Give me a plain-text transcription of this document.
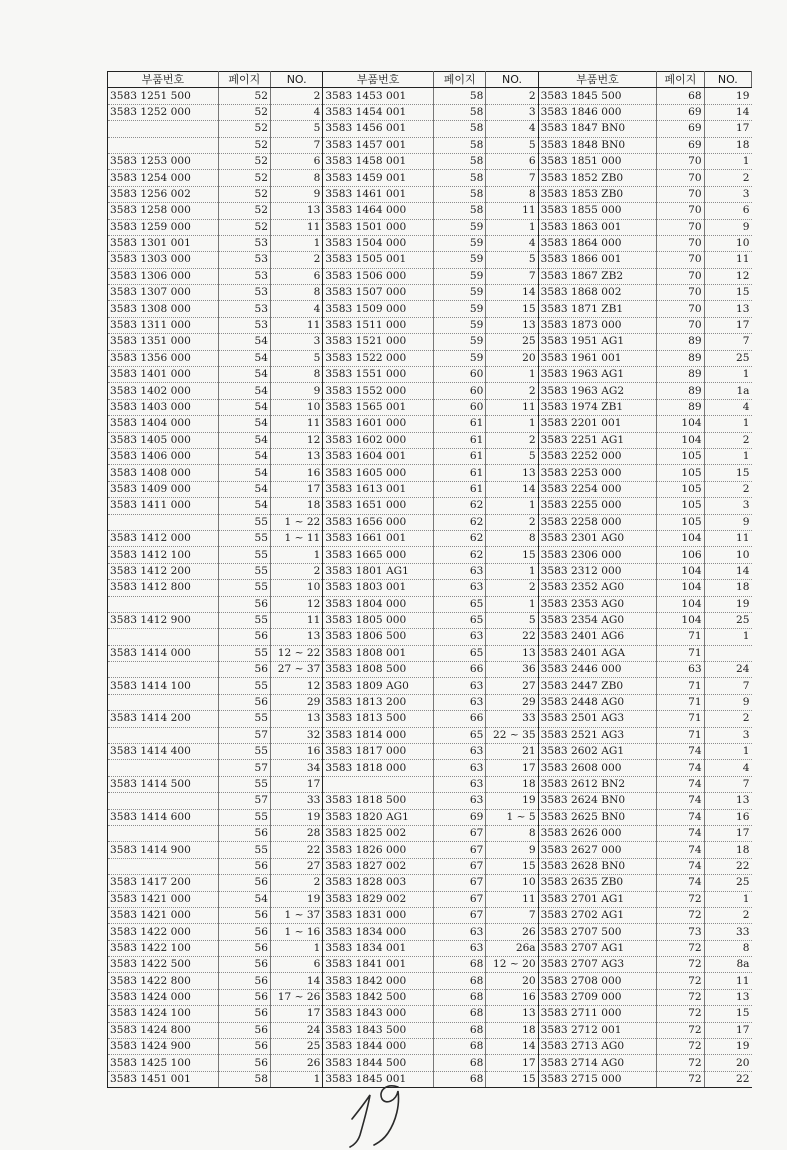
부품번호	페이지	NO.	부품번호	페이지	NO.	부품번호	페이지	NO.
3583 1251 500	52	2	3583 1453 001	58	2	3583 1845 500	68	19
3583 1252 000	52	4	3583 1454 001	58	3	3583 1846 000	69	14
	52	5	3583 1456 001	58	4	3583 1847 BN0	69	17
	52	7	3583 1457 001	58	5	3583 1848 BN0	69	18
3583 1253 000	52	6	3583 1458 001	58	6	3583 1851 000	70	1
3583 1254 000	52	8	3583 1459 001	58	7	3583 1852 ZB0	70	2
3583 1256 002	52	9	3583 1461 001	58	8	3583 1853 ZB0	70	3
3583 1258 000	52	13	3583 1464 000	58	11	3583 1855 000	70	6
3583 1259 000	52	11	3583 1501 000	59	1	3583 1863 001	70	9
3583 1301 001	53	1	3583 1504 000	59	4	3583 1864 000	70	10
3583 1303 000	53	2	3583 1505 001	59	5	3583 1866 001	70	11
3583 1306 000	53	6	3583 1506 000	59	7	3583 1867 ZB2	70	12
3583 1307 000	53	8	3583 1507 000	59	14	3583 1868 002	70	15
3583 1308 000	53	4	3583 1509 000	59	15	3583 1871 ZB1	70	13
3583 1311 000	53	11	3583 1511 000	59	13	3583 1873 000	70	17
3583 1351 000	54	3	3583 1521 000	59	25	3583 1951 AG1	89	7
3583 1356 000	54	5	3583 1522 000	59	20	3583 1961 001	89	25
3583 1401 000	54	8	3583 1551 000	60	1	3583 1963 AG1	89	1
3583 1402 000	54	9	3583 1552 000	60	2	3583 1963 AG2	89	1a
3583 1403 000	54	10	3583 1565 001	60	11	3583 1974 ZB1	89	4
3583 1404 000	54	11	3583 1601 000	61	1	3583 2201 001	104	1
3583 1405 000	54	12	3583 1602 000	61	2	3583 2251 AG1	104	2
3583 1406 000	54	13	3583 1604 001	61	5	3583 2252 000	105	1
3583 1408 000	54	16	3583 1605 000	61	13	3583 2253 000	105	15
3583 1409 000	54	17	3583 1613 001	61	14	3583 2254 000	105	2
3583 1411 000	54	18	3583 1651 000	62	1	3583 2255 000	105	3
	55	1 ~ 22	3583 1656 000	62	2	3583 2258 000	105	9
3583 1412 000	55	1 ~ 11	3583 1661 001	62	8	3583 2301 AG0	104	11
3583 1412 100	55	1	3583 1665 000	62	15	3583 2306 000	106	10
3583 1412 200	55	2	3583 1801 AG1	63	1	3583 2312 000	104	14
3583 1412 800	55	10	3583 1803 001	63	2	3583 2352 AG0	104	18
	56	12	3583 1804 000	65	1	3583 2353 AG0	104	19
3583 1412 900	55	11	3583 1805 000	65	5	3583 2354 AG0	104	25
	56	13	3583 1806 500	63	22	3583 2401 AG6	71	1
3583 1414 000	55	12 ~ 22	3583 1808 001	65	13	3583 2401 AGA	71	
	56	27 ~ 37	3583 1808 500	66	36	3583 2446 000	63	24
3583 1414 100	55	12	3583 1809 AG0	63	27	3583 2447 ZB0	71	7
	56	29	3583 1813 200	63	29	3583 2448 AG0	71	9
3583 1414 200	55	13	3583 1813 500	66	33	3583 2501 AG3	71	2
	57	32	3583 1814 000	65	22 ~ 35	3583 2521 AG3	71	3
3583 1414 400	55	16	3583 1817 000	63	21	3583 2602 AG1	74	1
	57	34	3583 1818 000	63	17	3583 2608 000	74	4
3583 1414 500	55	17		63	18	3583 2612 BN2	74	7
	57	33	3583 1818 500	63	19	3583 2624 BN0	74	13
3583 1414 600	55	19	3583 1820 AG1	69	1 ~ 5	3583 2625 BN0	74	16
	56	28	3583 1825 002	67	8	3583 2626 000	74	17
3583 1414 900	55	22	3583 1826 000	67	9	3583 2627 000	74	18
	56	27	3583 1827 002	67	15	3583 2628 BN0	74	22
3583 1417 200	56	2	3583 1828 003	67	10	3583 2635 ZB0	74	25
3583 1421 000	54	19	3583 1829 002	67	11	3583 2701 AG1	72	1
3583 1421 000	56	1 ~ 37	3583 1831 000	67	7	3583 2702 AG1	72	2
3583 1422 000	56	1 ~ 16	3583 1834 000	63	26	3583 2707 500	73	33
3583 1422 100	56	1	3583 1834 001	63	26a	3583 2707 AG1	72	8
3583 1422 500	56	6	3583 1841 001	68	12 ~ 20	3583 2707 AG3	72	8a
3583 1422 800	56	14	3583 1842 000	68	20	3583 2708 000	72	11
3583 1424 000	56	17 ~ 26	3583 1842 500	68	16	3583 2709 000	72	13
3583 1424 100	56	17	3583 1843 000	68	13	3583 2711 000	72	15
3583 1424 800	56	24	3583 1843 500	68	18	3583 2712 001	72	17
3583 1424 900	56	25	3583 1844 000	68	14	3583 2713 AG0	72	19
3583 1425 100	56	26	3583 1844 500	68	17	3583 2714 AG0	72	20
3583 1451 001	58	1	3583 1845 001	68	15	3583 2715 000	72	22
